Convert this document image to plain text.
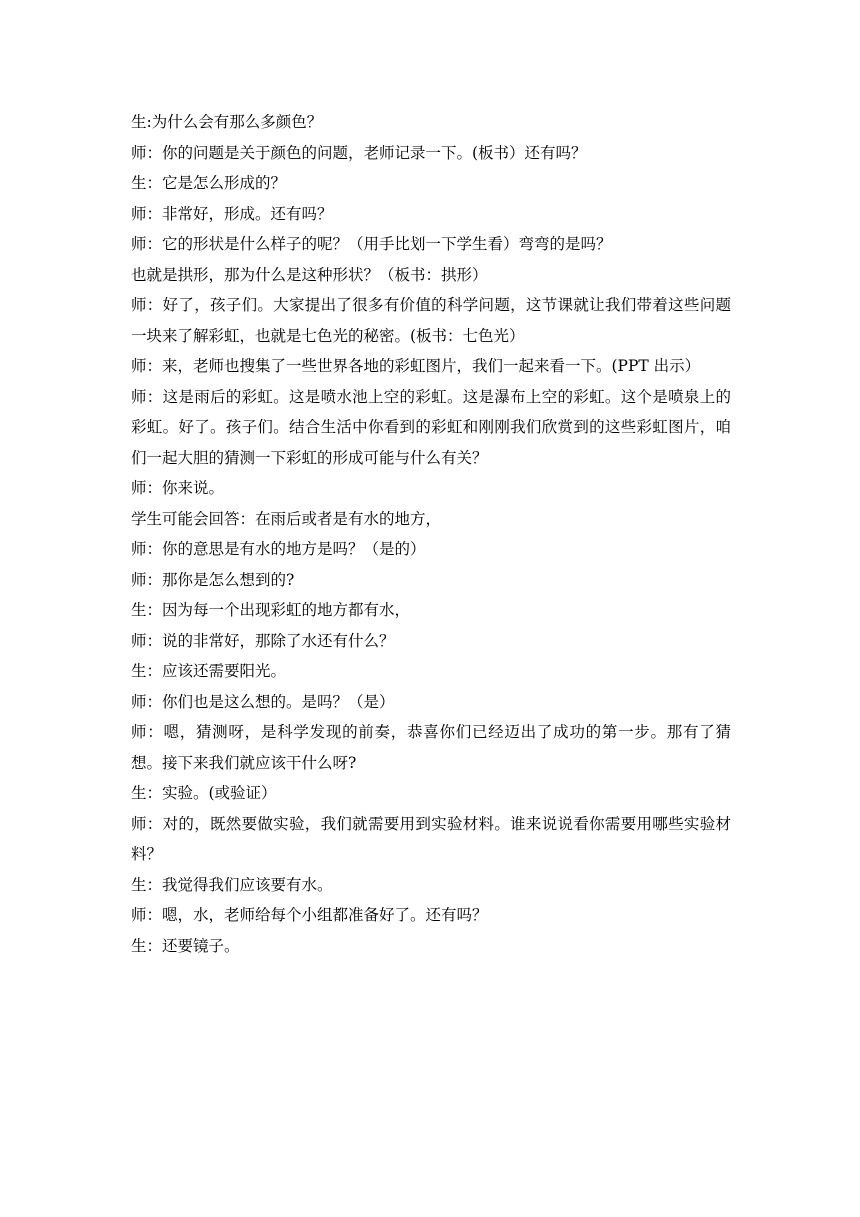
生:为什么会有那么多颜色？

师：你的问题是关于颜色的问题，老师记录一下。(板书）还有吗？

生：它是怎么形成的？

师：非常好，形成。还有吗？

师：它的形状是什么样子的呢？（用手比划一下学生看）弯弯的是吗？

也就是拱形，那为什么是这种形状？（板书：拱形）

师：好了，孩子们。大家提出了很多有价值的科学问题，这节课就让我们带着这些问题一块来了解彩虹，也就是七色光的秘密。(板书：七色光）

师：来，老师也搜集了一些世界各地的彩虹图片，我们一起来看一下。(PPT 出示）

师：这是雨后的彩虹。这是喷水池上空的彩虹。这是瀑布上空的彩虹。这个是喷泉上的彩虹。好了。孩子们。结合生活中你看到的彩虹和刚刚我们欣赏到的这些彩虹图片，咱们一起大胆的猜测一下彩虹的形成可能与什么有关？

师：你来说。

学生可能会回答：在雨后或者是有水的地方，

师：你的意思是有水的地方是吗？（是的）

师：那你是怎么想到的?

生：因为每一个出现彩虹的地方都有水，

师：说的非常好，那除了水还有什么？

生：应该还需要阳光。

师：你们也是这么想的。是吗？（是）

师：嗯，猜测呀，是科学发现的前奏，恭喜你们已经迈出了成功的第一步。那有了猜想。接下来我们就应该干什么呀?

生：实验。(或验证）

师：对的，既然要做实验，我们就需要用到实验材料。谁来说说看你需要用哪些实验材料？

生：我觉得我们应该要有水。

师：嗯，水，老师给每个小组都准备好了。还有吗？

生：还要镜子。
